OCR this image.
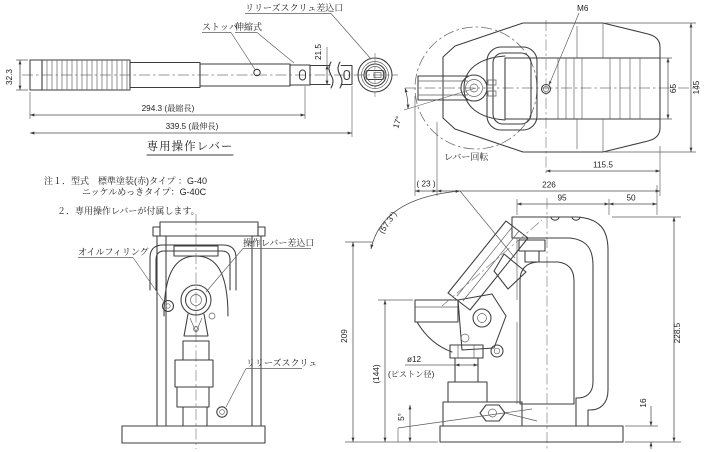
32.3
21.5
294.3 (最縮長)
339.5 (最伸長)
リリーズスクリュ差込口
ストッパ
伸縮式
専用操作レバー
注１．型式　標準塗装(赤)タイプ ：G-40
ニッケルめっきタイプ：G-40C
２．専用操作レバーが付属します。
17°
レバー回転
M6
115.5
226
( 23 )
65 145
オイルフィリング
操作レバー差込口
リリーズスクリュ
(57.3°)
5°
95	50
228.5
16
209
(144)
ø12
(ピストン径)
